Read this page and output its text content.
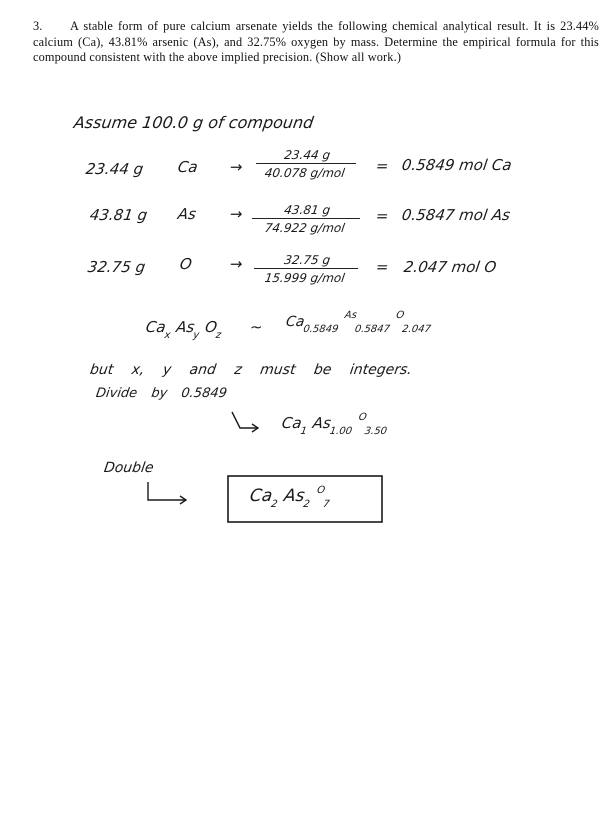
3. A stable form of pure calcium arsenate yields the following chemical analytical result. It is 23.44% calcium (Ca), 43.81% arsenic (As), and 32.75% oxygen by mass. Determine the empirical formula for this compound consistent with the above implied precision. (Show all work.)
Assume 100.0 g of compound
23.44 g Ca →
23.44 g
40.078 g/mol	= 0.5849 mol Ca
43.81 g As →	43.81 g
74.922 g/mol
= 0.5847 mol As
32.75 g O →	32.75 g
15.999 g/mol
= 2.047 mol O
$Ca_x$ $As_y$ $O_z$ ~ $Ca_{0.5849}$ $^{As}_{0.5847}$ $^O_{2.047}$
but x, y and z must be integers.
Divide by 0.5849
$Ca_1$ $As_{1.00}$ $^O_{3.50}$
Double
$Ca_2$ $As_2$ $^O_7$
